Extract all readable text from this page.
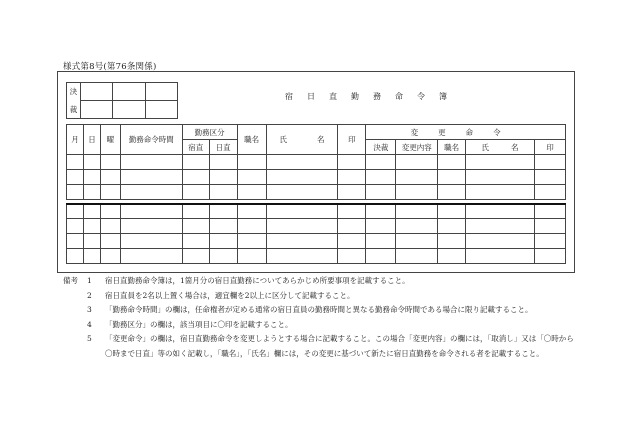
様式第8号(第76条関係)
決			
裁			
宿日直勤務命令簿
月	日	曜	勤務命令時間	勤務区分		職名	氏 名	印	変更命令				
				宿直	日直				決裁	変更内容	職名	氏 名	印

備考 1 宿日直勤務命令簿は，1箇月分の宿日直勤務についてあらかじめ所要事項を記載すること。
2 宿日直員を2名以上置く場合は，適宜欄を2以上に区分して記載すること。
3 「勤務命令時間」の欄は，任命権者が定める通常の宿日直員の勤務時間と異なる勤務命令時間である場合に限り記載すること。
4 「勤務区分」の欄は，該当項目に〇印を記載すること。
5 「変更命令」の欄は，宿日直勤務命令を変更しようとする場合に記載すること。この場合「変更内容」の欄には，「取消し」又は「〇時から〇時まで日直」等の如く記載し，「職名」，「氏名」欄には，その変更に基づいて新たに宿日直勤務を命令される者を記載すること。
